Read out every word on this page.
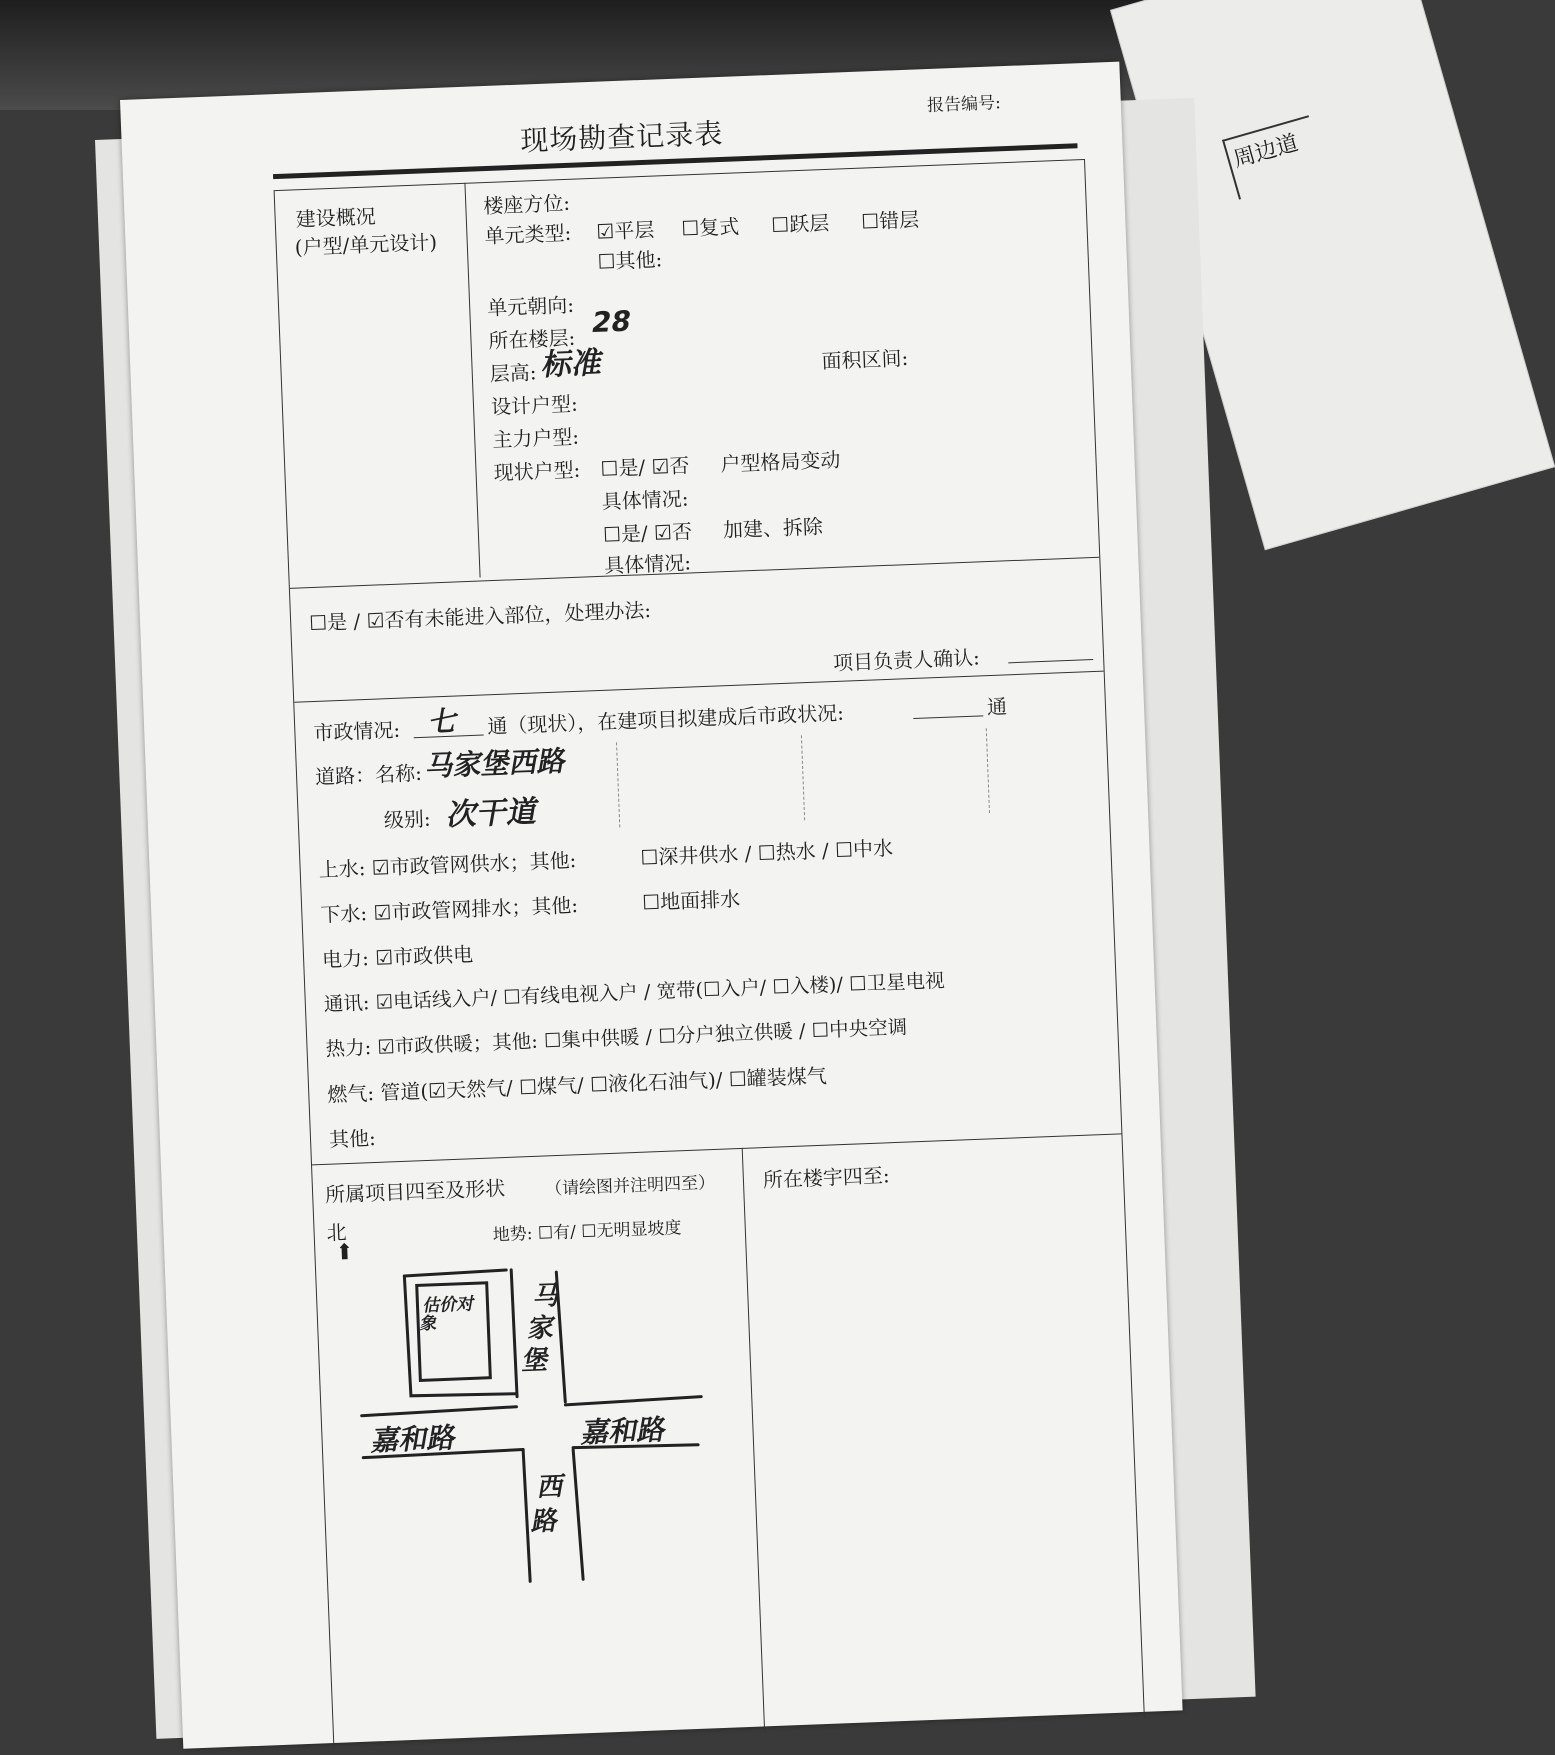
周边道
现场勘查记录表
报告编号:
建设概况
(户型/单元设计)
楼座方位:
单元类型: ☑平层 ☐复式 ☐跃层 ☐错层
☐其他:
单元朝向:
所在楼层:
28
层高: 标准	面积区间:
设计户型:
主力户型:
现状户型: ☐是/ ☑否 户型格局变动
具体情况:
☐是/ ☑否 加建、拆除
具体情况:
☐是 / ☑否有未能进入部位，处理办法:
项目负责人确认:
市政情况: 七 通（现状），在建项目拟建成后市政状况:	通
道路：名称: 马家堡西路
级别: 次干道
上水: ☑市政管网供水；其他:	☐深井供水 / ☐热水 / ☐中水
下水: ☑市政管网排水；其他:	☐地面排水
电力: ☑市政供电
通讯: ☑电话线入户/ ☐有线电视入户 / 宽带(☐入户/ ☐入楼)/ ☐卫星电视
热力: ☑市政供暖；其他: ☐集中供暖 / ☐分户独立供暖 / ☐中央空调
燃气: 管道(☑天然气/ ☐煤气/ ☐液化石油气)/ ☐罐装煤气
其他:
所属项目四至及形状 （请绘图并注明四至） 所在楼宇四至:
北
⬆
地势: ☐有/ ☐无明显坡度
估价对象
马家堡
嘉和路	嘉和路
西路
